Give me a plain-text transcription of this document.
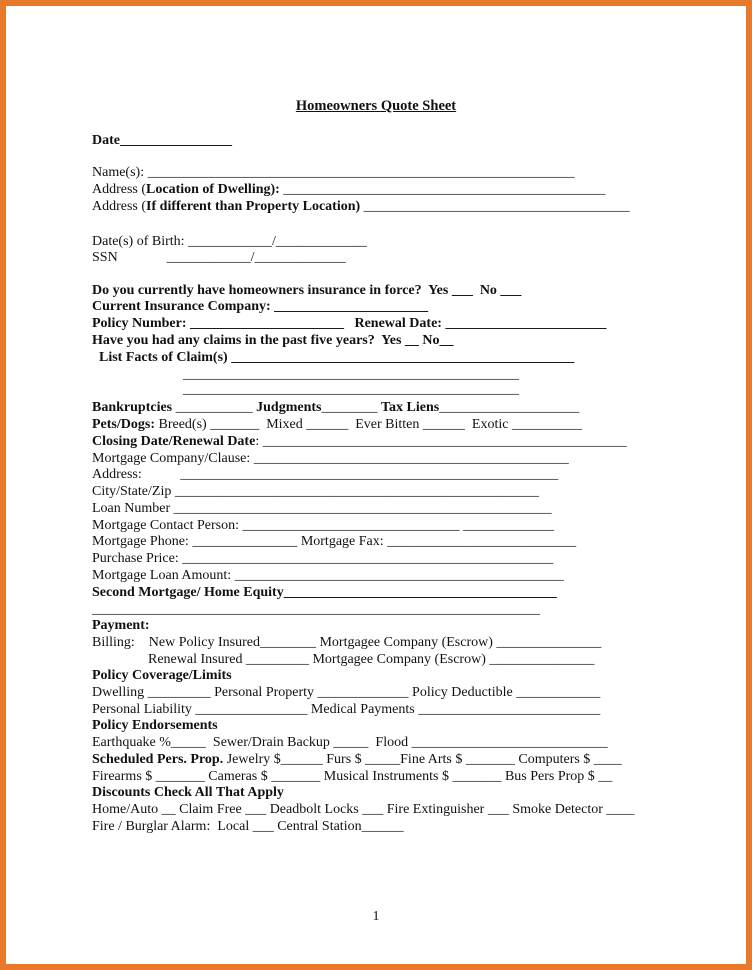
Homeowners Quote Sheet
Date________________
Name(s): _____________________________________________________________
Address (Location of Dwelling): ______________________________________________
Address (If different than Property Location) ______________________________________
Date(s) of Birth: ____________/_____________
SSN              ____________/_____________
Do you currently have homeowners insurance in force?  Yes ___  No ___
Current Insurance Company: ______________________
Policy Number: ______________________   Renewal Date: _______________________
Have you had any claims in the past five years?  Yes __ No__
List Facts of Claim(s) _________________________________________________
________________________________________________
________________________________________________
Bankruptcies ___________ Judgments________ Tax Liens____________________
Pets/Dogs: Breed(s) _______  Mixed ______  Ever Bitten ______  Exotic __________
Closing Date/Renewal Date: ____________________________________________________
Mortgage Company/Clause: _____________________________________________
Address:           ______________________________________________________
City/State/Zip ____________________________________________________
Loan Number ______________________________________________________
Mortgage Contact Person: _______________________________ _____________
Mortgage Phone: _______________ Mortgage Fax: ___________________________
Purchase Price: _____________________________________________________
Mortgage Loan Amount: _______________________________________________
Second Mortgage/ Home Equity_______________________________________
________________________________________________________________
Payment:
Billing:    New Policy Insured________ Mortgagee Company (Escrow) _______________
Renewal Insured _________ Mortgagee Company (Escrow) _______________
Policy Coverage/Limits
Dwelling _________ Personal Property _____________ Policy Deductible ____________
Personal Liability ________________ Medical Payments __________________________
Policy Endorsements
Earthquake %_____  Sewer/Drain Backup _____  Flood ____________________________
Scheduled Pers. Prop. Jewelry $______ Furs $ _____Fine Arts $ _______ Computers $ ____
Firearms $ _______ Cameras $ _______ Musical Instruments $ _______ Bus Pers Prop $ __
Discounts Check All That Apply
Home/Auto __ Claim Free ___ Deadbolt Locks ___ Fire Extinguisher ___ Smoke Detector ____
Fire / Burglar Alarm:  Local ___ Central Station______
1
